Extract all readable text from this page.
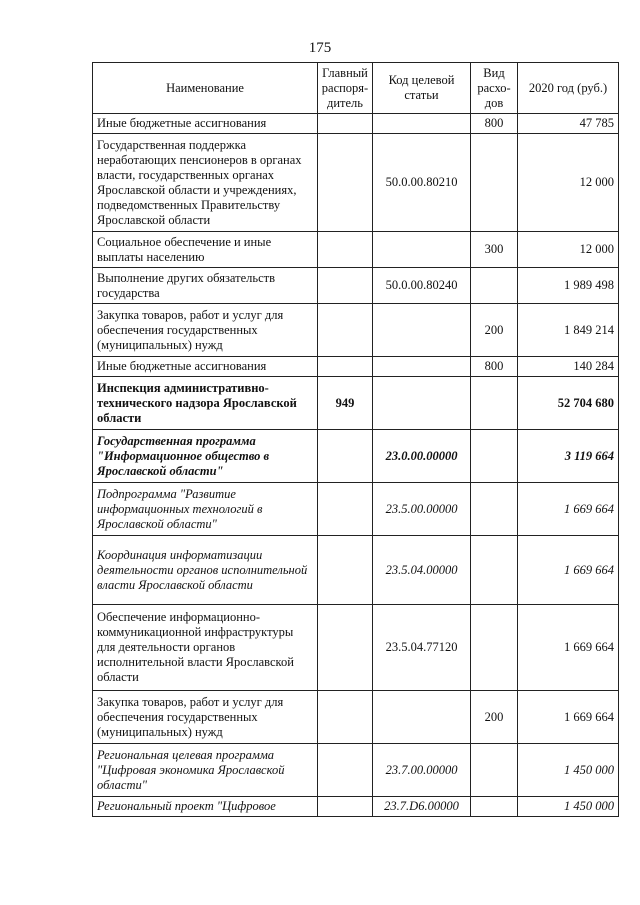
175
Наименование	Главный распоря-дитель	Код целевой статьи	Вид расхо-дов	2020 год (руб.)
Иные бюджетные ассигнования			800	47 785
Государственная поддержка неработающих пенсионеров в органах власти, государственных органах Ярославской области и учреждениях, подведомственных Правительству Ярославской области		50.0.00.80210		12 000
Социальное обеспечение и иные выплаты населению			300	12 000
Выполнение других обязательств государства		50.0.00.80240		1 989 498
Закупка товаров, работ и услуг для обеспечения государственных (муниципальных) нужд			200	1 849 214
Иные бюджетные ассигнования			800	140 284
Инспекция административно-технического надзора Ярославской области	949			52 704 680
Государственная программа "Информационное общество в Ярославской области"		23.0.00.00000		3 119 664
Подпрограмма "Развитие информационных технологий в Ярославской области"		23.5.00.00000		1 669 664
Координация информатизации деятельности органов исполнительной власти Ярославской области		23.5.04.00000		1 669 664
Обеспечение информационно-коммуникационной инфраструктуры для деятельности органов исполнительной власти Ярославской области		23.5.04.77120		1 669 664
Закупка товаров, работ и услуг для обеспечения государственных (муниципальных) нужд			200	1 669 664
Региональная целевая программа "Цифровая экономика Ярославской области"		23.7.00.00000		1 450 000
Региональный проект "Цифровое		23.7.D6.00000		1 450 000
